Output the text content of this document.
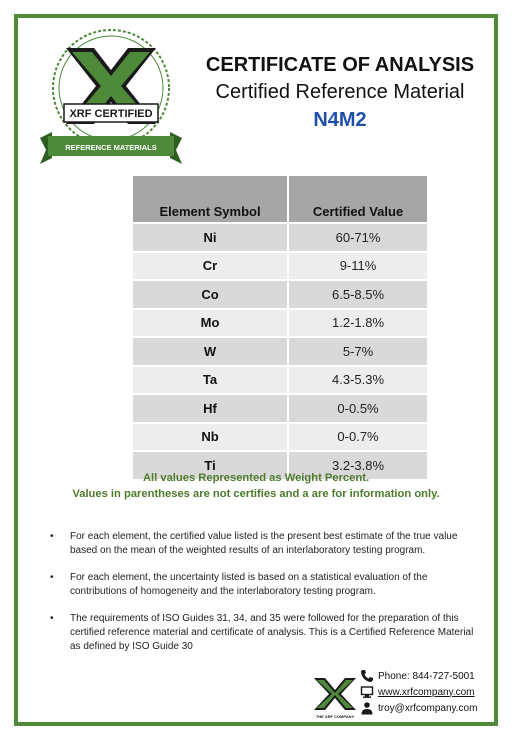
XRF CERTIFIED
REFERENCE MATERIALS
CERTIFICATE OF ANALYSIS
Certified Reference Material
N4M2
Element Symbol	Certified Value
Ni	60-71%
Cr	9-11%
Co	6.5-8.5%
Mo	1.2-1.8%
W	5-7%
Ta	4.3-5.3%
Hf	0-0.5%
Nb	0-0.7%
Ti	3.2-3.8%
All values Represented as Weight Percent.
Values in parentheses are not certifies and a are for information only.
• For each element, the certified value listed is the present best estimate of the true value based on the mean of the weighted results of an interlaboratory testing program.
• For each element, the uncertainty listed is based on a statistical evaluation of the contributions of homogeneity and the interlaboratory testing program.
• The requirements of ISO Guides 31, 34, and 35 were followed for the preparation of this certified reference material and certificate of analysis. This is a Certified Reference Material as defined by ISO Guide 30
THE XRF COMPANY
Phone: 844-727-5001
www.xrfcompany.com
troy@xrfcompany.com
